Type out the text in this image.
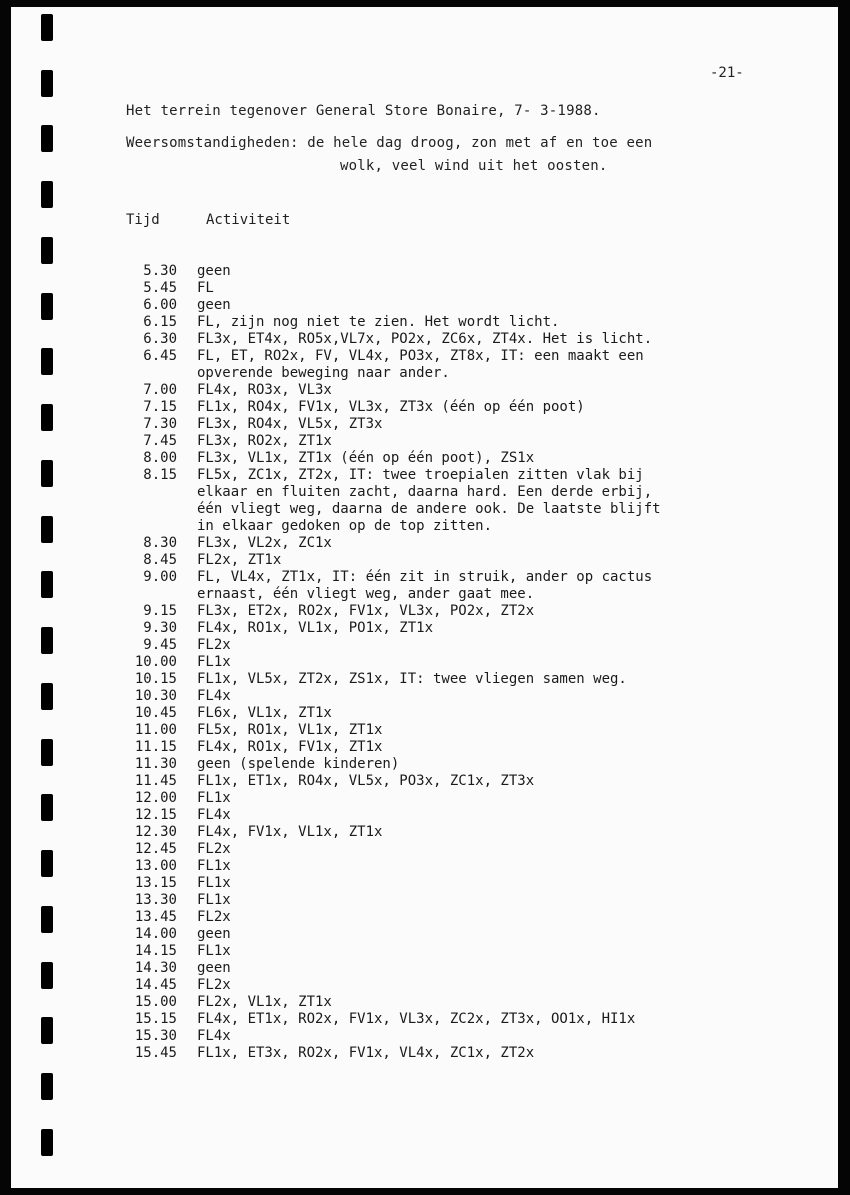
-21-
Het terrein tegenover General Store Bonaire, 7- 3-1988.
Weersomstandigheden: de hele dag droog, zon met af en toe een
wolk, veel wind uit het oosten.
Tijd	Activiteit
5.30 geen
5.45 FL
6.00 geen
6.15 FL, zijn nog niet te zien. Het wordt licht.
6.30 FL3x, ET4x, RO5x,VL7x, PO2x, ZC6x, ZT4x. Het is licht.
6.45 FL, ET, RO2x, FV, VL4x, PO3x, ZT8x, IT: een maakt een
opverende beweging naar ander.
7.00 FL4x, RO3x, VL3x
7.15 FL1x, RO4x, FV1x, VL3x, ZT3x (één op één poot)
7.30 FL3x, RO4x, VL5x, ZT3x
7.45 FL3x, RO2x, ZT1x
8.00 FL3x, VL1x, ZT1x (één op één poot), ZS1x
8.15 FL5x, ZC1x, ZT2x, IT: twee troepialen zitten vlak bij
elkaar en fluiten zacht, daarna hard. Een derde erbij,
één vliegt weg, daarna de andere ook. De laatste blijft
in elkaar gedoken op de top zitten.
8.30 FL3x, VL2x, ZC1x
8.45 FL2x, ZT1x
9.00 FL, VL4x, ZT1x, IT: één zit in struik, ander op cactus
ernaast, één vliegt weg, ander gaat mee.
9.15 FL3x, ET2x, RO2x, FV1x, VL3x, PO2x, ZT2x
9.30 FL4x, RO1x, VL1x, PO1x, ZT1x
9.45 FL2x
10.00 FL1x
10.15 FL1x, VL5x, ZT2x, ZS1x, IT: twee vliegen samen weg.
10.30 FL4x
10.45 FL6x, VL1x, ZT1x
11.00 FL5x, RO1x, VL1x, ZT1x
11.15 FL4x, RO1x, FV1x, ZT1x
11.30 geen (spelende kinderen)
11.45 FL1x, ET1x, RO4x, VL5x, PO3x, ZC1x, ZT3x
12.00 FL1x
12.15 FL4x
12.30 FL4x, FV1x, VL1x, ZT1x
12.45 FL2x
13.00 FL1x
13.15 FL1x
13.30 FL1x
13.45 FL2x
14.00 geen
14.15 FL1x
14.30 geen
14.45 FL2x
15.00 FL2x, VL1x, ZT1x
15.15 FL4x, ET1x, RO2x, FV1x, VL3x, ZC2x, ZT3x, OO1x, HI1x
15.30 FL4x
15.45 FL1x, ET3x, RO2x, FV1x, VL4x, ZC1x, ZT2x
